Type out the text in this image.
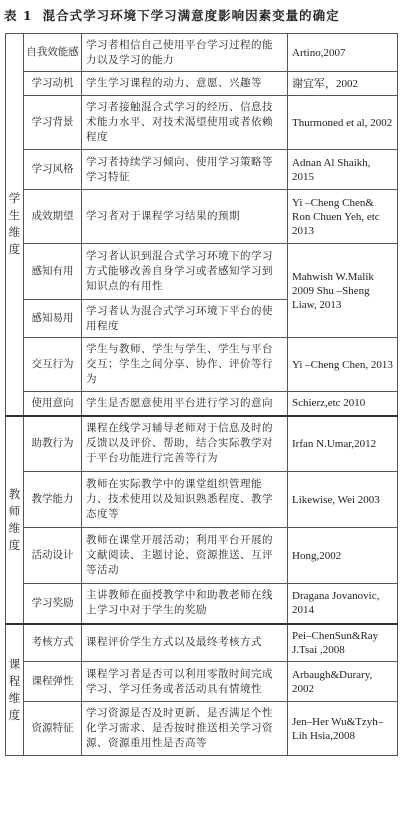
表 1 混合式学习环境下学习满意度影响因素变量的确定
学生维度	自我效能感	学习者相信自己使用平台学习过程的能力以及学习的能力	Artino,2007
	学习动机	学生学习课程的动力、意愿、兴趣等	谢宜军，2002
	学习背景	学习者接触混合式学习的经历、信息技术能力水平、对技术渴望使用或者依赖程度	Thurmoned et al, 2002
	学习风格	学习者持续学习倾向、使用学习策略等学习特征	Adnan Al Shaikh, 2015
	成效期望	学习者对于课程学习结果的预期	Yi –Cheng Chen& Ron Chuen Yeh, etc 2013
	感知有用	学习者认识到混合式学习环境下的学习方式能够改善自身学习或者感知学习到知识点的有用性	Mahwish W.Malik 2009 Shu –Sheng Liaw, 2013
	感知易用	学习者认为混合式学习环境下平台的使用程度	
	交互行为	学生与教师、学生与学生、学生与平台交互；学生之间分享、协作、评价等行为	Yi –Cheng Chen, 2013
	使用意向	学生是否愿意使用平台进行学习的意向	Schierz,etc 2010
教师维度	助教行为	课程在线学习辅导老师对于信息及时的反馈以及评价、帮助，结合实际教学对于平台功能进行完善等行为	Irfan N.Umar,2012
	教学能力	教师在实际教学中的课堂组织管理能力、技术使用以及知识熟悉程度、教学态度等	Likewise, Wei 2003
	活动设计	教师在课堂开展活动；利用平台开展的文献阅读、主题讨论、资源推送、互评等活动	Hong,2002
	学习奖励	主讲教师在面授教学中和助教老师在线上学习中对于学生的奖励	Dragana Jovanovic, 2014
课程维度	考核方式	课程评价学生方式以及最终考核方式	Pei–ChenSun&Ray J.Tsai ,2008
	课程弹性	课程学习者是否可以利用零散时间完成学习、学习任务或者活动具有情境性	Arbaugh&Durary, 2002
	资源特征	学习资源是否及时更新、是否满足个性化学习需求、是否按时推送相关学习资源、资源重用性是否高等	Jen–Her Wu&Tzyh–Lih Hsia,2008
